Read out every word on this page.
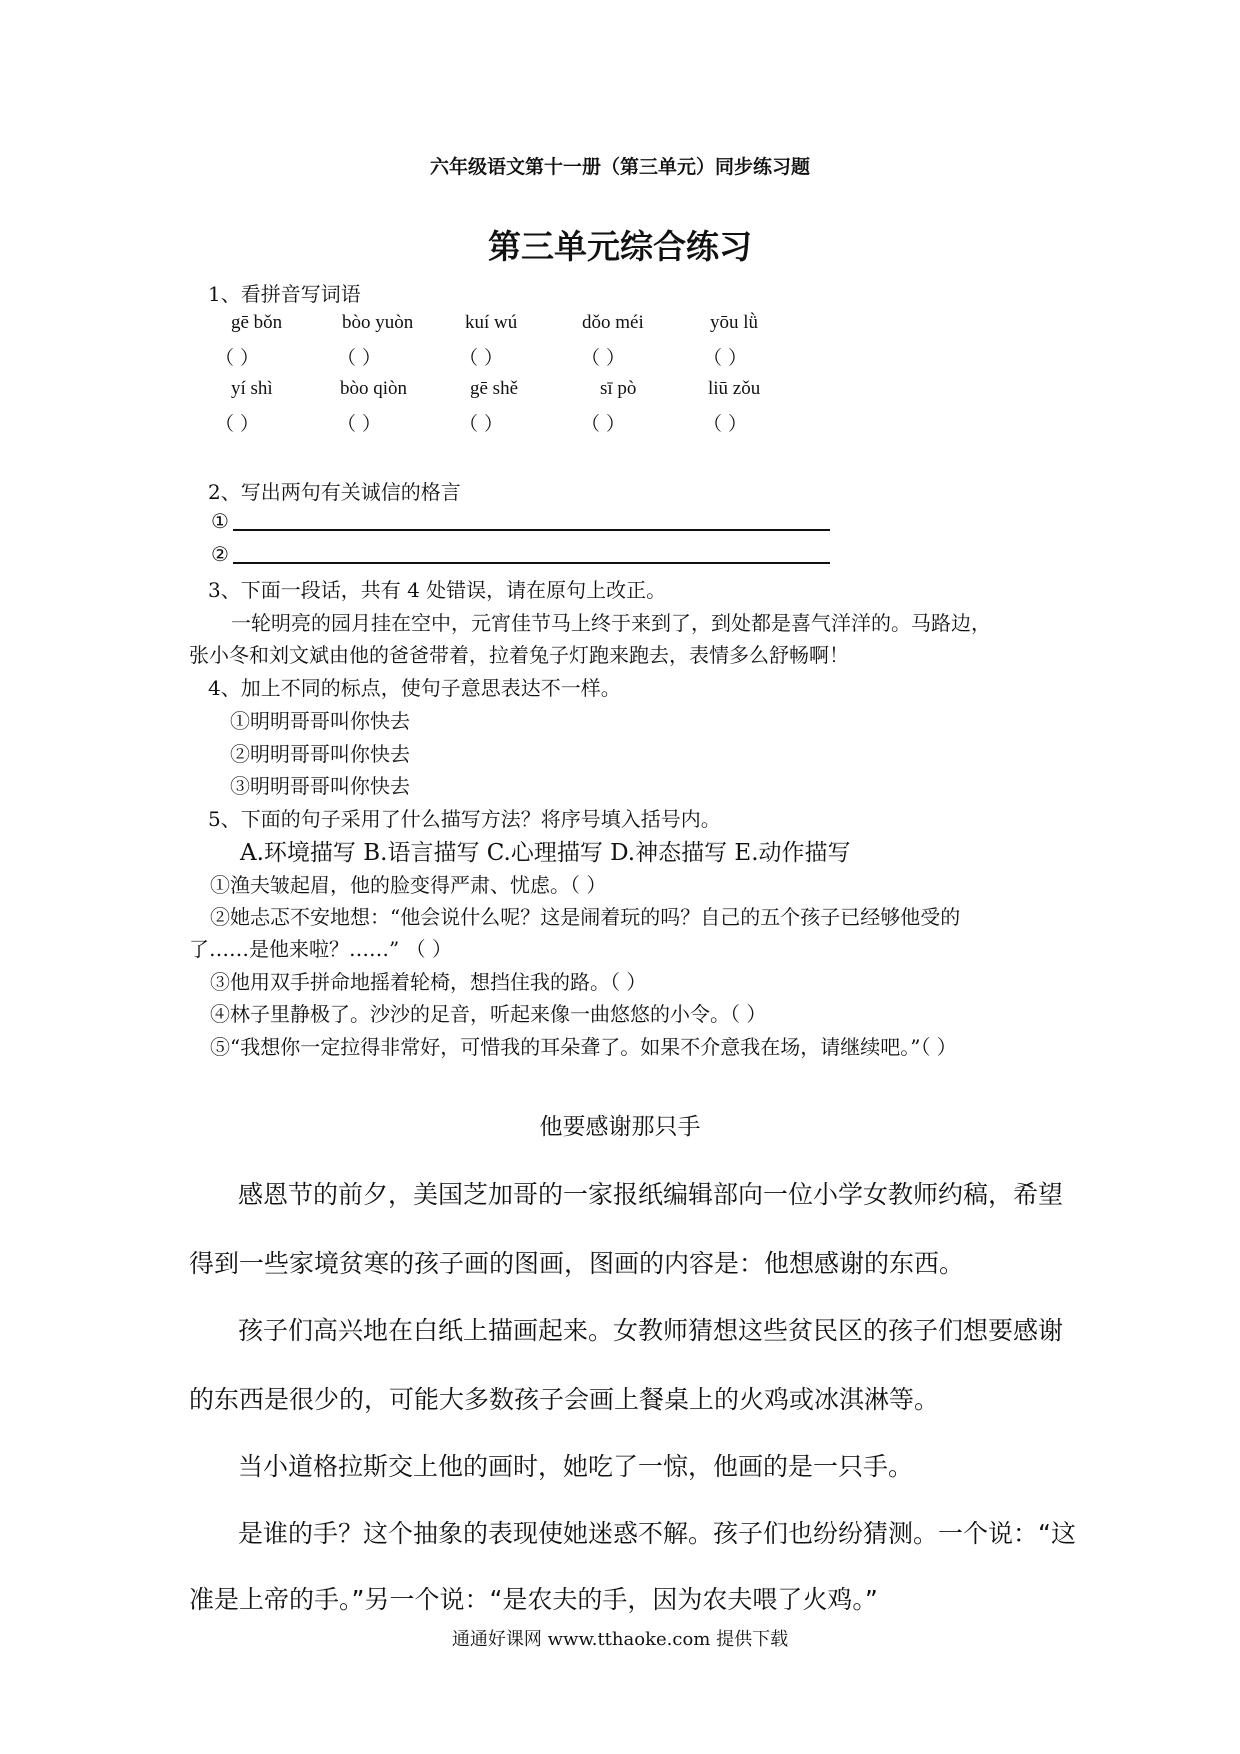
六年级语文第十一册（第三单元）同步练习题
第三单元综合练习
1、看拼音写词语
gē bǒn	bòo yuòn	kuí wú	dǒo méi	yōu lǜ
（ ）	（ ）	（ ）	（ ）	（ ）
yí shì	bòo qiòn	gē shě	sī pò	liū zǒu
（ ）	（ ）	（ ）	（ ）	（ ）
2、写出两句有关诚信的格言
①
②
3、下面一段话，共有 4 处错误，请在原句上改正。
一轮明亮的园月挂在空中，元宵佳节马上终于来到了，到处都是喜气洋洋的。马路边，
张小冬和刘文斌由他的爸爸带着，拉着兔子灯跑来跑去，表情多么舒畅啊！
4、加上不同的标点，使句子意思表达不一样。
①明明哥哥叫你快去
②明明哥哥叫你快去
③明明哥哥叫你快去
5、下面的句子采用了什么描写方法？将序号填入括号内。
A.环境描写 B.语言描写 C.心理描写 D.神态描写 E.动作描写
①渔夫皱起眉，他的脸变得严肃、忧虑。（ ）
②她忐忑不安地想：“他会说什么呢？这是闹着玩的吗？自己的五个孩子已经够他受的
了……是他来啦？……” （ ）
③他用双手拼命地摇着轮椅，想挡住我的路。（ ）
④林子里静极了。沙沙的足音，听起来像一曲悠悠的小令。（ ）
⑤“我想你一定拉得非常好，可惜我的耳朵聋了。如果不介意我在场，请继续吧。”（ ）
他要感谢那只手
感恩节的前夕，美国芝加哥的一家报纸编辑部向一位小学女教师约稿，希望
得到一些家境贫寒的孩子画的图画，图画的内容是：他想感谢的东西。
孩子们高兴地在白纸上描画起来。女教师猜想这些贫民区的孩子们想要感谢
的东西是很少的，可能大多数孩子会画上餐桌上的火鸡或冰淇淋等。
当小道格拉斯交上他的画时，她吃了一惊，他画的是一只手。
是谁的手？这个抽象的表现使她迷惑不解。孩子们也纷纷猜测。一个说：“这
准是上帝的手。”另一个说：“是农夫的手，因为农夫喂了火鸡。”
通通好课网 www.tthaoke.com 提供下载
